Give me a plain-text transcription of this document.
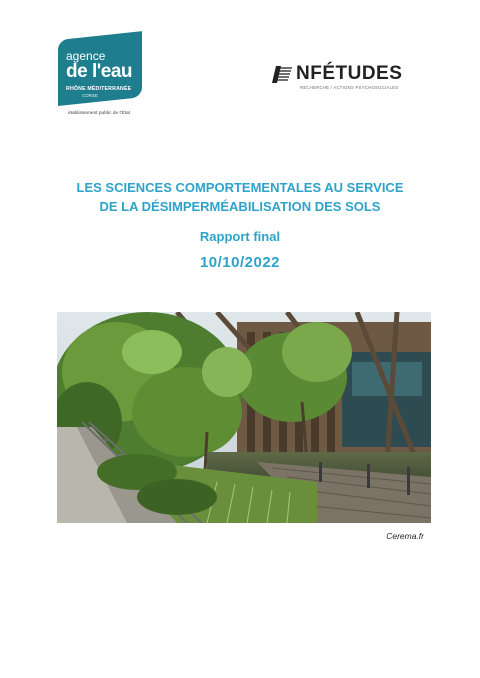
agence
de l'eau
RHÔNE MÉDITERRANÉE
CORSE
établissement public de l'État
NFÉTUDES
RECHERCHE / ACTIONS PSYCHOSOCIALES
LES SCIENCES COMPORTEMENTALES AU SERVICE
DE LA DÉSIMPERMÉABILISATION DES SOLS
Rapport final
10/10/2022
Cerema.fr
